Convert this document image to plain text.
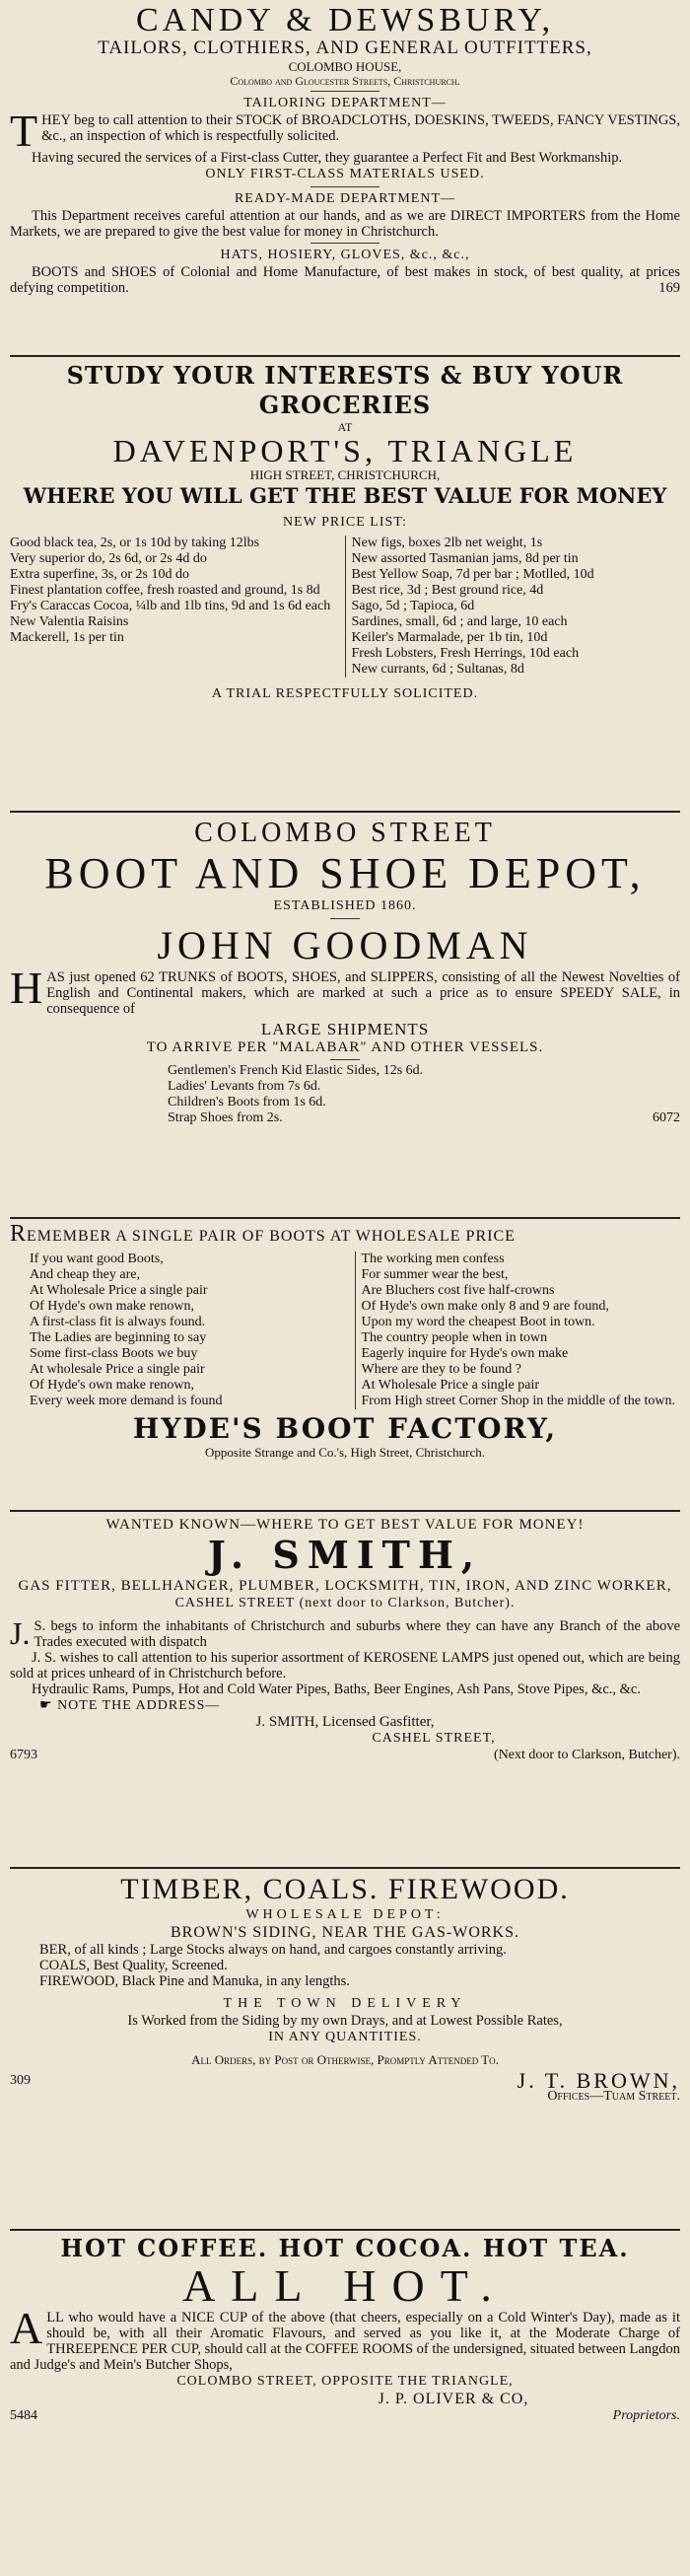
CANDY & DEWSBURY,
TAILORS, CLOTHIERS, AND GENERAL OUTFITTERS,
COLOMBO HOUSE,
Colombo and Gloucester Streets, Christchurch.
TAILORING DEPARTMENT—
THEY beg to call attention to their STOCK of BROADCLOTHS, DOESKINS, TWEEDS, FANCY VESTINGS, &c., an inspection of which is respectfully solicited.
Having secured the services of a First-class Cutter, they guarantee a Perfect Fit and Best Workmanship.
ONLY FIRST-CLASS MATERIALS USED.
READY-MADE DEPARTMENT—
This Department receives careful attention at our hands, and as we are DIRECT IMPORTERS from the Home Markets, we are prepared to give the best value for money in Christchurch.
HATS, HOSIERY, GLOVES, &c., &c.,
BOOTS and SHOES of Colonial and Home Manufacture, of best makes in stock, of best quality, at prices defying competition.	169
STUDY YOUR INTERESTS & BUY YOUR GROCERIES
AT
DAVENPORT'S, TRIANGLE
HIGH STREET, CHRISTCHURCH,
WHERE YOU WILL GET THE BEST VALUE FOR MONEY
NEW PRICE LIST:
Good black tea, 2s, or 1s 10d by taking 12lbs
Very superior do, 2s 6d, or 2s 4d do
Extra superfine, 3s, or 2s 10d do
Finest plantation coffee, fresh roasted and ground, 1s 8d
Fry's Caraccas Cocoa, ¼lb and 1lb tins, 9d and 1s 6d each
New Valentia Raisins
Mackerell, 1s per tin
New figs, boxes 2lb net weight, 1s
New assorted Tasmanian jams, 8d per tin
Best Yellow Soap, 7d per bar ; Motlled, 10d
Best rice, 3d ; Best ground rice, 4d
Sago, 5d ; Tapioca, 6d
Sardines, small, 6d ; and large, 10 each
Keiler's Marmalade, per 1b tin, 10d
Fresh Lobsters, Fresh Herrings, 10d each
New currants, 6d ; Sultanas, 8d
A TRIAL RESPECTFULLY SOLICITED.
COLOMBO STREET
BOOT AND SHOE DEPOT,
ESTABLISHED 1860.
JOHN GOODMAN
HAS just opened 62 TRUNKS of BOOTS, SHOES, and SLIPPERS, consisting of all the Newest Novelties of English and Continental makers, which are marked at such a price as to ensure SPEEDY SALE, in consequence of
LARGE SHIPMENTS
TO ARRIVE PER "MALABAR" AND OTHER VESSELS.
Gentlemen's French Kid Elastic Sides, 12s 6d.
Ladies' Levants from 7s 6d.
Children's Boots from 1s 6d.
Strap Shoes from 2s.	6072
REMEMBER A SINGLE PAIR OF BOOTS AT WHOLESALE PRICE
If you want good Boots,
And cheap they are,
At Wholesale Price a single pair
Of Hyde's own make renown,
A first-class fit is always found.
The Ladies are beginning to say
Some first-class Boots we buy
At wholesale Price a single pair
Of Hyde's own make renown,
Every week more demand is found
The working men confess
For summer wear the best,
Are Bluchers cost five half-crowns
Of Hyde's own make only 8 and 9 are found,
Upon my word the cheapest Boot in town.
The country people when in town
Eagerly inquire for Hyde's own make
Where are they to be found ?
At Wholesale Price a single pair
From High street Corner Shop in the middle of the town.
HYDE'S BOOT FACTORY,
Opposite Strange and Co.'s, High Street, Christchurch.
WANTED KNOWN—WHERE TO GET BEST VALUE FOR MONEY!
J. SMITH,
GAS FITTER, BELLHANGER, PLUMBER, LOCKSMITH, TIN, IRON, AND ZINC WORKER,
CASHEL STREET (next door to Clarkson, Butcher).
J. S. begs to inform the inhabitants of Christchurch and suburbs where they can have any Branch of the above Trades executed with dispatch
J. S. wishes to call attention to his superior assortment of KEROSENE LAMPS just opened out, which are being sold at prices unheard of in Christchurch before.
Hydraulic Rams, Pumps, Hot and Cold Water Pipes, Baths, Beer Engines, Ash Pans, Stove Pipes, &c., &c.
☛ NOTE THE ADDRESS—
J. SMITH, Licensed Gasfitter,
CASHEL STREET,
6793	(Next door to Clarkson, Butcher).
TIMBER, COALS. FIREWOOD.
WHOLESALE DEPOT:
BROWN'S SIDING, NEAR THE GAS-WORKS.
BER, of all kinds ; Large Stocks always on hand, and cargoes constantly arriving.
COALS, Best Quality, Screened.
FIREWOOD, Black Pine and Manuka, in any lengths.
THE TOWN DELIVERY
Is Worked from the Siding by my own Drays, and at Lowest Possible Rates,
IN ANY QUANTITIES.
All Orders, by Post or Otherwise, Promptly Attended To.
309	J. T. BROWN,
Offices—Tuam Street.
HOT COFFEE. HOT COCOA. HOT TEA.
ALL HOT.
ALL who would have a NICE CUP of the above (that cheers, especially on a Cold Winter's Day), made as it should be, with all their Aromatic Flavours, and served as you like it, at the Moderate Charge of THREEPENCE PER CUP, should call at the COFFEE ROOMS of the undersigned, situated between Langdon and Judge's and Mein's Butcher Shops,
COLOMBO STREET, OPPOSITE THE TRIANGLE,
J. P. OLIVER & CO,
5484	Proprietors.
